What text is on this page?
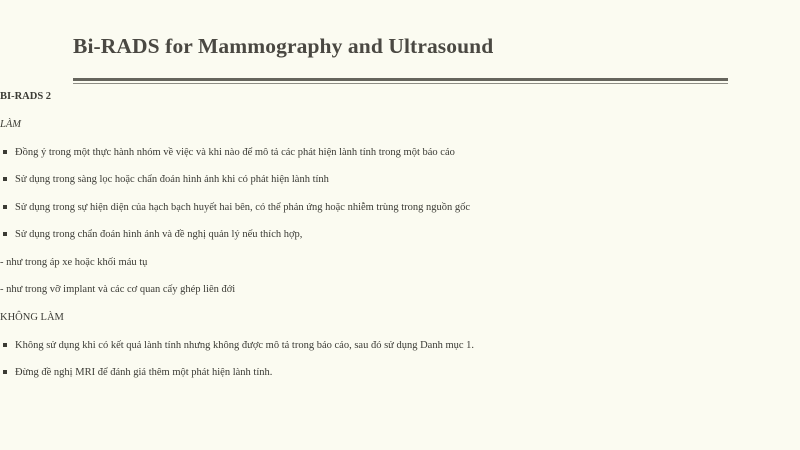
Bi-RADS for Mammography and Ultrasound
BI-RADS 2
LÀM
Đồng ý trong một thực hành nhóm về việc và khi nào để mô tả các phát hiện lành tính trong một báo cáo
Sử dụng trong sàng lọc hoặc chẩn đoán hình ảnh khi có phát hiện lành tính
Sử dụng trong sự hiện diện của hạch bạch huyết hai bên, có thể phản ứng hoặc nhiễm trùng trong nguồn gốc
Sử dụng trong chẩn đoán hình ảnh và đề nghị quản lý nếu thích hợp,
- như trong áp xe hoặc khối máu tụ
- như trong vỡ implant và các cơ quan cấy ghép liên đới
KHÔNG LÀM
Không sử dụng khi có kết quả lành tính nhưng không được mô tả trong báo cáo, sau đó sử dụng Danh mục 1.
Đừng đề nghị MRI để đánh giá thêm một phát hiện lành tính.
